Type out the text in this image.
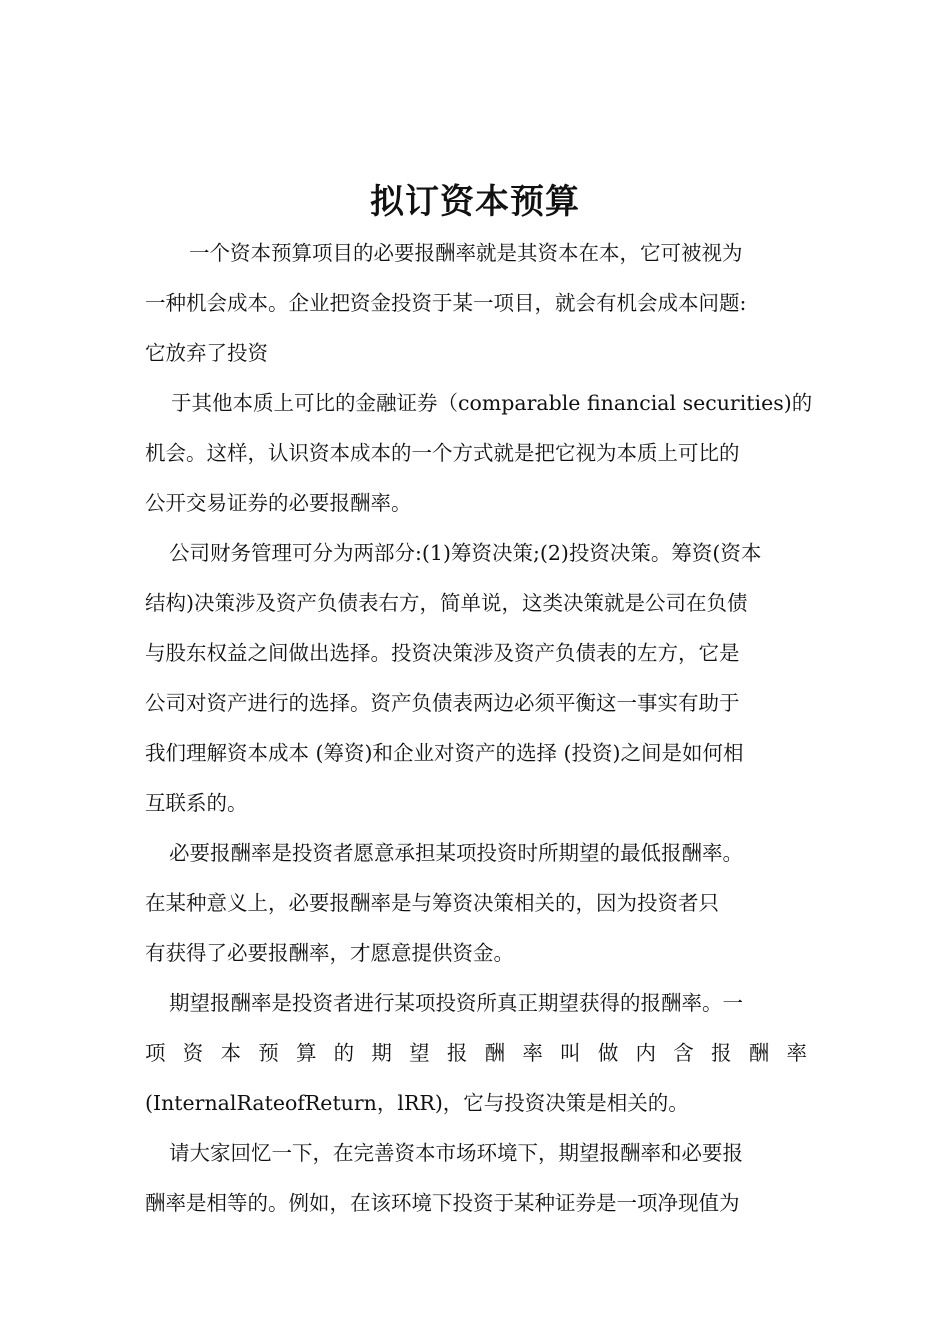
拟订资本预算

一个资本预算项目的必要报酬率就是其资本在本，它可被视为
一种机会成本。企业把资金投资于某一项目，就会有机会成本问题:
它放弃了投资

于其他本质上可比的金融证券（comparable financial securities)的
机会。这样，认识资本成本的一个方式就是把它视为本质上可比的
公开交易证券的必要报酬率。

公司财务管理可分为两部分:(1)筹资决策;(2)投资决策。筹资(资本
结构)决策涉及资产负债表右方，简单说，这类决策就是公司在负债
与股东权益之间做出选择。投资决策涉及资产负债表的左方，它是
公司对资产进行的选择。资产负债表两边必须平衡这一事实有助于
我们理解资本成本 (筹资)和企业对资产的选择 (投资)之间是如何相
互联系的。

必要报酬率是投资者愿意承担某项投资时所期望的最低报酬率。
在某种意义上，必要报酬率是与筹资决策相关的，因为投资者只
有获得了必要报酬率，才愿意提供资金。

期望报酬率是投资者进行某项投资所真正期望获得的报酬率。一
项 资 本 预 算 的 期 望 报 酬 率 叫 做 内 含 报 酬 率
(InternalRateofReturn，lRR)，它与投资决策是相关的。

请大家回忆一下，在完善资本市场环境下，期望报酬率和必要报
酬率是相等的。例如，在该环境下投资于某种证券是一项净现值为
